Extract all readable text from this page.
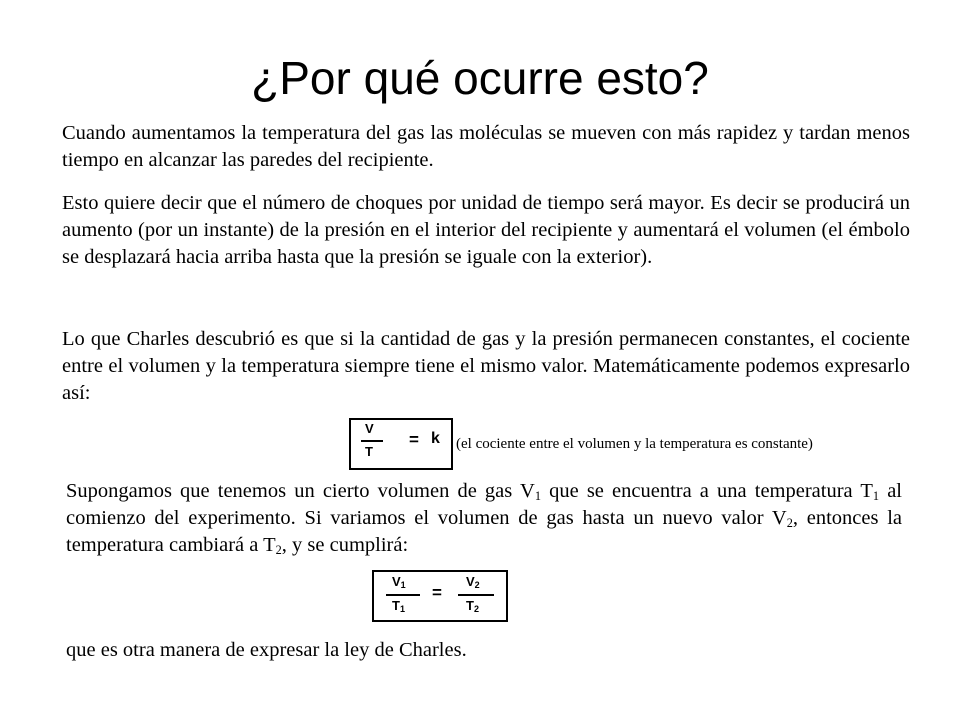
¿Por qué ocurre esto?
Cuando aumentamos la temperatura del gas las moléculas se mueven con más rapidez y tardan menos tiempo en alcanzar las paredes del recipiente.
Esto quiere decir que el número de choques por unidad de tiempo será mayor. Es decir se producirá un aumento (por un instante) de la presión en el interior del recipiente y aumentará el volumen (el émbolo se desplazará hacia arriba hasta que la presión se iguale con la exterior).
Lo que Charles descubrió es que si la cantidad de gas y la presión permanecen constantes, el cociente entre el volumen y la temperatura siempre tiene el mismo valor. Matemáticamente podemos expresarlo así:
V
T
= k (el cociente entre el volumen y la temperatura es constante)
Supongamos que tenemos un cierto volumen de gas $V_1$ que se encuentra a una temperatura $T_1$ al comienzo del experimento. Si variamos el volumen de gas hasta un nuevo valor $V_2$, entonces la temperatura cambiará a $T_2$, y se cumplirá:
V1
T1
=
V2
T2
que es otra manera de expresar la ley de Charles.
